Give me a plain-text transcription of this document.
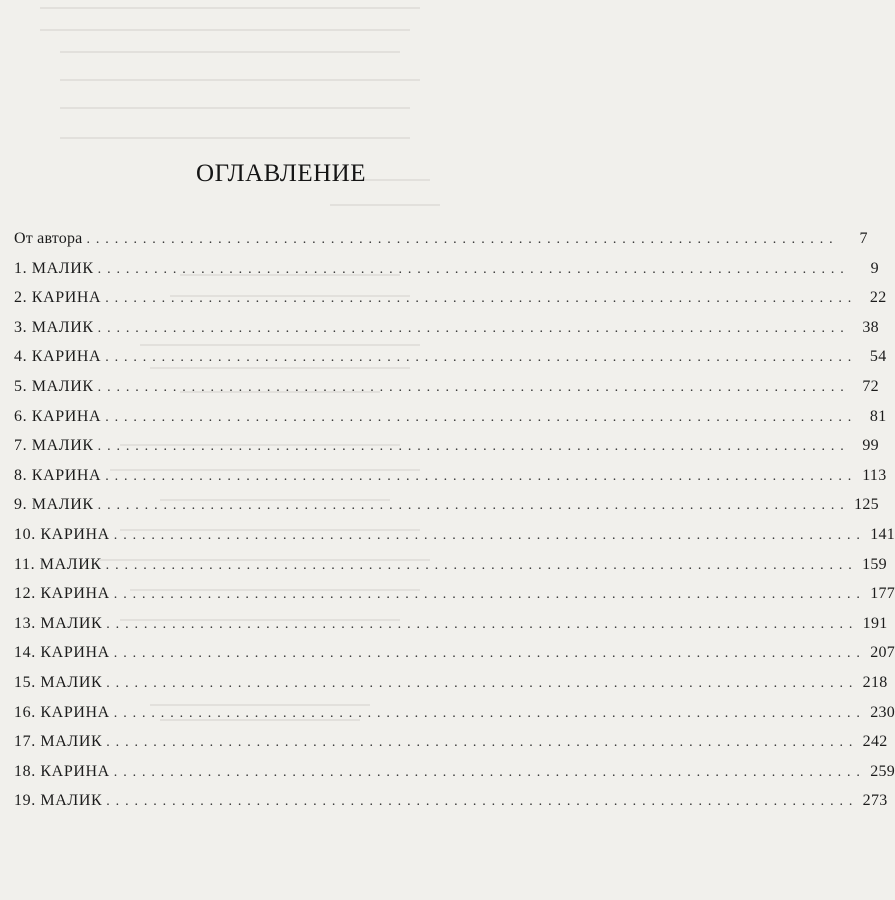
ОГЛАВЛЕНИЕ
От автора . . . . . . . . . . . . . . . . . . . . . . . . . . . . . . . . . . . . . . . . . . . . . . . . . . . . . . . . . . . . . . . . . . . . . . . . . . . . . . . .	7
1. МАЛИК . . . . . . . . . . . . . . . . . . . . . . . . . . . . . . . . . . . . . . . . . . . . . . . . . . . . . . . . . . . . . . . . . . . . . . . . . . . . . . . .	9
2. КАРИНА . . . . . . . . . . . . . . . . . . . . . . . . . . . . . . . . . . . . . . . . . . . . . . . . . . . . . . . . . . . . . . . . . . . . . . . . . . . . . . . .	22
3. МАЛИК . . . . . . . . . . . . . . . . . . . . . . . . . . . . . . . . . . . . . . . . . . . . . . . . . . . . . . . . . . . . . . . . . . . . . . . . . . . . . . . .	38
4. КАРИНА . . . . . . . . . . . . . . . . . . . . . . . . . . . . . . . . . . . . . . . . . . . . . . . . . . . . . . . . . . . . . . . . . . . . . . . . . . . . . . . .	54
5. МАЛИК . . . . . . . . . . . . . . . . . . . . . . . . . . . . . . . . . . . . . . . . . . . . . . . . . . . . . . . . . . . . . . . . . . . . . . . . . . . . . . . .	72
6. КАРИНА . . . . . . . . . . . . . . . . . . . . . . . . . . . . . . . . . . . . . . . . . . . . . . . . . . . . . . . . . . . . . . . . . . . . . . . . . . . . . . . .	81
7. МАЛИК . . . . . . . . . . . . . . . . . . . . . . . . . . . . . . . . . . . . . . . . . . . . . . . . . . . . . . . . . . . . . . . . . . . . . . . . . . . . . . . .	99
8. КАРИНА . . . . . . . . . . . . . . . . . . . . . . . . . . . . . . . . . . . . . . . . . . . . . . . . . . . . . . . . . . . . . . . . . . . . . . . . . . . . . . . . 113
9. МАЛИК . . . . . . . . . . . . . . . . . . . . . . . . . . . . . . . . . . . . . . . . . . . . . . . . . . . . . . . . . . . . . . . . . . . . . . . . . . . . . . . . 125
10. КАРИНА . . . . . . . . . . . . . . . . . . . . . . . . . . . . . . . . . . . . . . . . . . . . . . . . . . . . . . . . . . . . . . . . . . . . . . . . . . . . . . . . 141
11. МАЛИК . . . . . . . . . . . . . . . . . . . . . . . . . . . . . . . . . . . . . . . . . . . . . . . . . . . . . . . . . . . . . . . . . . . . . . . . . . . . . . . . 159
12. КАРИНА . . . . . . . . . . . . . . . . . . . . . . . . . . . . . . . . . . . . . . . . . . . . . . . . . . . . . . . . . . . . . . . . . . . . . . . . . . . . . . . . 177
13. МАЛИК . . . . . . . . . . . . . . . . . . . . . . . . . . . . . . . . . . . . . . . . . . . . . . . . . . . . . . . . . . . . . . . . . . . . . . . . . . . . . . . . 191
14. КАРИНА . . . . . . . . . . . . . . . . . . . . . . . . . . . . . . . . . . . . . . . . . . . . . . . . . . . . . . . . . . . . . . . . . . . . . . . . . . . . . . . . 207
15. МАЛИК . . . . . . . . . . . . . . . . . . . . . . . . . . . . . . . . . . . . . . . . . . . . . . . . . . . . . . . . . . . . . . . . . . . . . . . . . . . . . . . . 218
16. КАРИНА . . . . . . . . . . . . . . . . . . . . . . . . . . . . . . . . . . . . . . . . . . . . . . . . . . . . . . . . . . . . . . . . . . . . . . . . . . . . . . . . 230
17. МАЛИК . . . . . . . . . . . . . . . . . . . . . . . . . . . . . . . . . . . . . . . . . . . . . . . . . . . . . . . . . . . . . . . . . . . . . . . . . . . . . . . . 242
18. КАРИНА . . . . . . . . . . . . . . . . . . . . . . . . . . . . . . . . . . . . . . . . . . . . . . . . . . . . . . . . . . . . . . . . . . . . . . . . . . . . . . . . 259
19. МАЛИК . . . . . . . . . . . . . . . . . . . . . . . . . . . . . . . . . . . . . . . . . . . . . . . . . . . . . . . . . . . . . . . . . . . . . . . . . . . . . . . . 273
